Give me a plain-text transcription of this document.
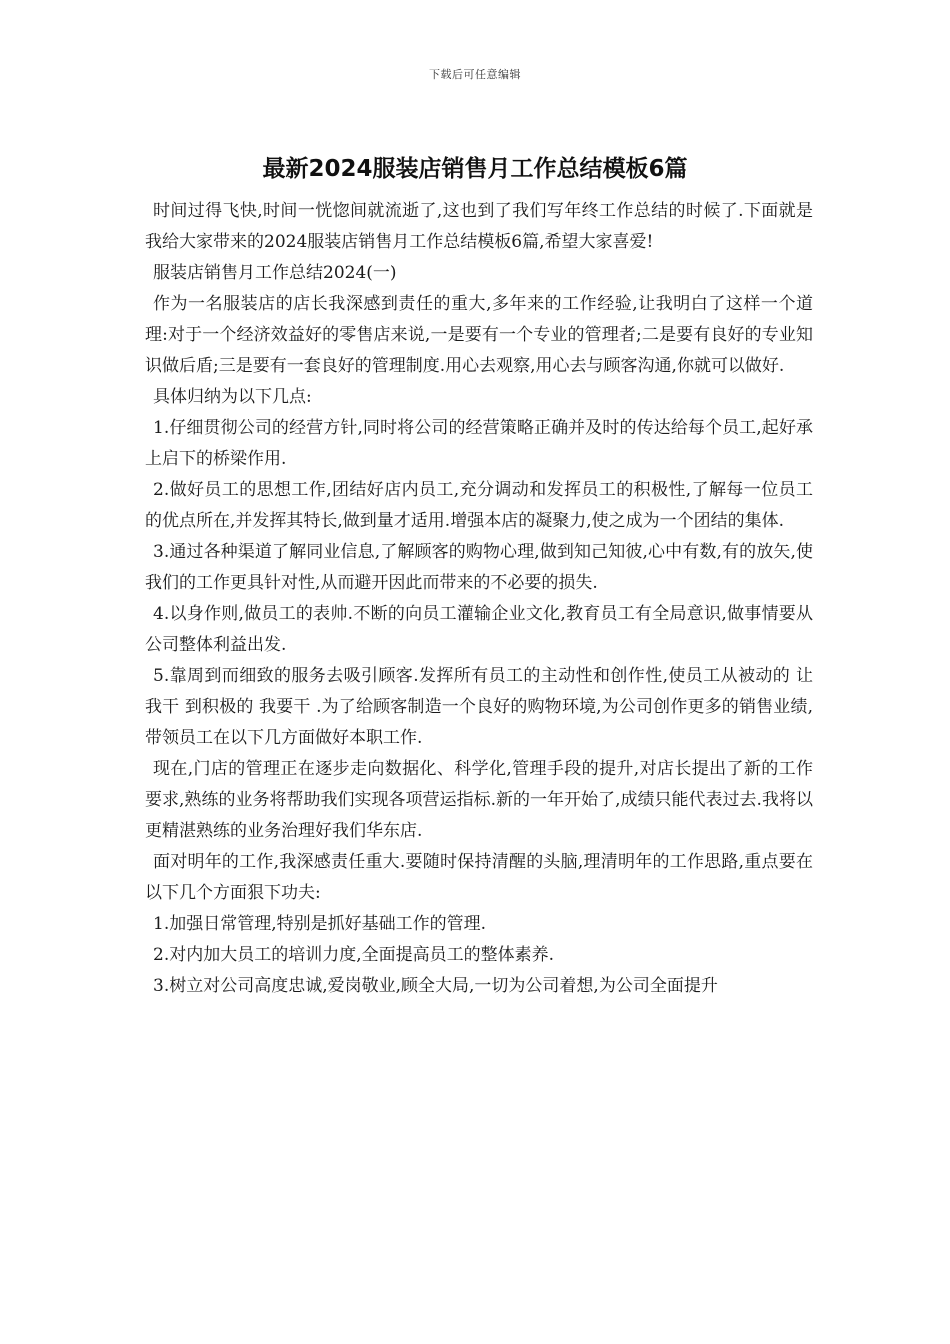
下载后可任意编辑
最新2024服装店销售月工作总结模板6篇

时间过得飞快,时间一恍惚间就流逝了,这也到了我们写年终工作总结的时候了.下面就是我给大家带来的2024服装店销售月工作总结模板6篇,希望大家喜爱!

服装店销售月工作总结2024(一)

作为一名服装店的店长我深感到责任的重大,多年来的工作经验,让我明白了这样一个道理:对于一个经济效益好的零售店来说,一是要有一个专业的管理者;二是要有良好的专业知识做后盾;三是要有一套良好的管理制度.用心去观察,用心去与顾客沟通,你就可以做好.

具体归纳为以下几点:

1.仔细贯彻公司的经营方针,同时将公司的经营策略正确并及时的传达给每个员工,起好承上启下的桥梁作用.

2.做好员工的思想工作,团结好店内员工,充分调动和发挥员工的积极性,了解每一位员工的优点所在,并发挥其特长,做到量才适用.增强本店的凝聚力,使之成为一个团结的集体.

3.通过各种渠道了解同业信息,了解顾客的购物心理,做到知己知彼,心中有数,有的放矢,使我们的工作更具针对性,从而避开因此而带来的不必要的损失.

4.以身作则,做员工的表帅.不断的向员工灌输企业文化,教育员工有全局意识,做事情要从公司整体利益出发.

5.靠周到而细致的服务去吸引顾客.发挥所有员工的主动性和创作性,使员工从被动的 让我干 到积极的 我要干 .为了给顾客制造一个良好的购物环境,为公司创作更多的销售业绩,带领员工在以下几方面做好本职工作.

现在,门店的管理正在逐步走向数据化、科学化,管理手段的提升,对店长提出了新的工作要求,熟练的业务将帮助我们实现各项营运指标.新的一年开始了,成绩只能代表过去.我将以更精湛熟练的业务治理好我们华东店.

面对明年的工作,我深感责任重大.要随时保持清醒的头脑,理清明年的工作思路,重点要在以下几个方面狠下功夫:

1.加强日常管理,特别是抓好基础工作的管理.

2.对内加大员工的培训力度,全面提高员工的整体素养.

3.树立对公司高度忠诚,爱岗敬业,顾全大局,一切为公司着想,为公司全面提升
